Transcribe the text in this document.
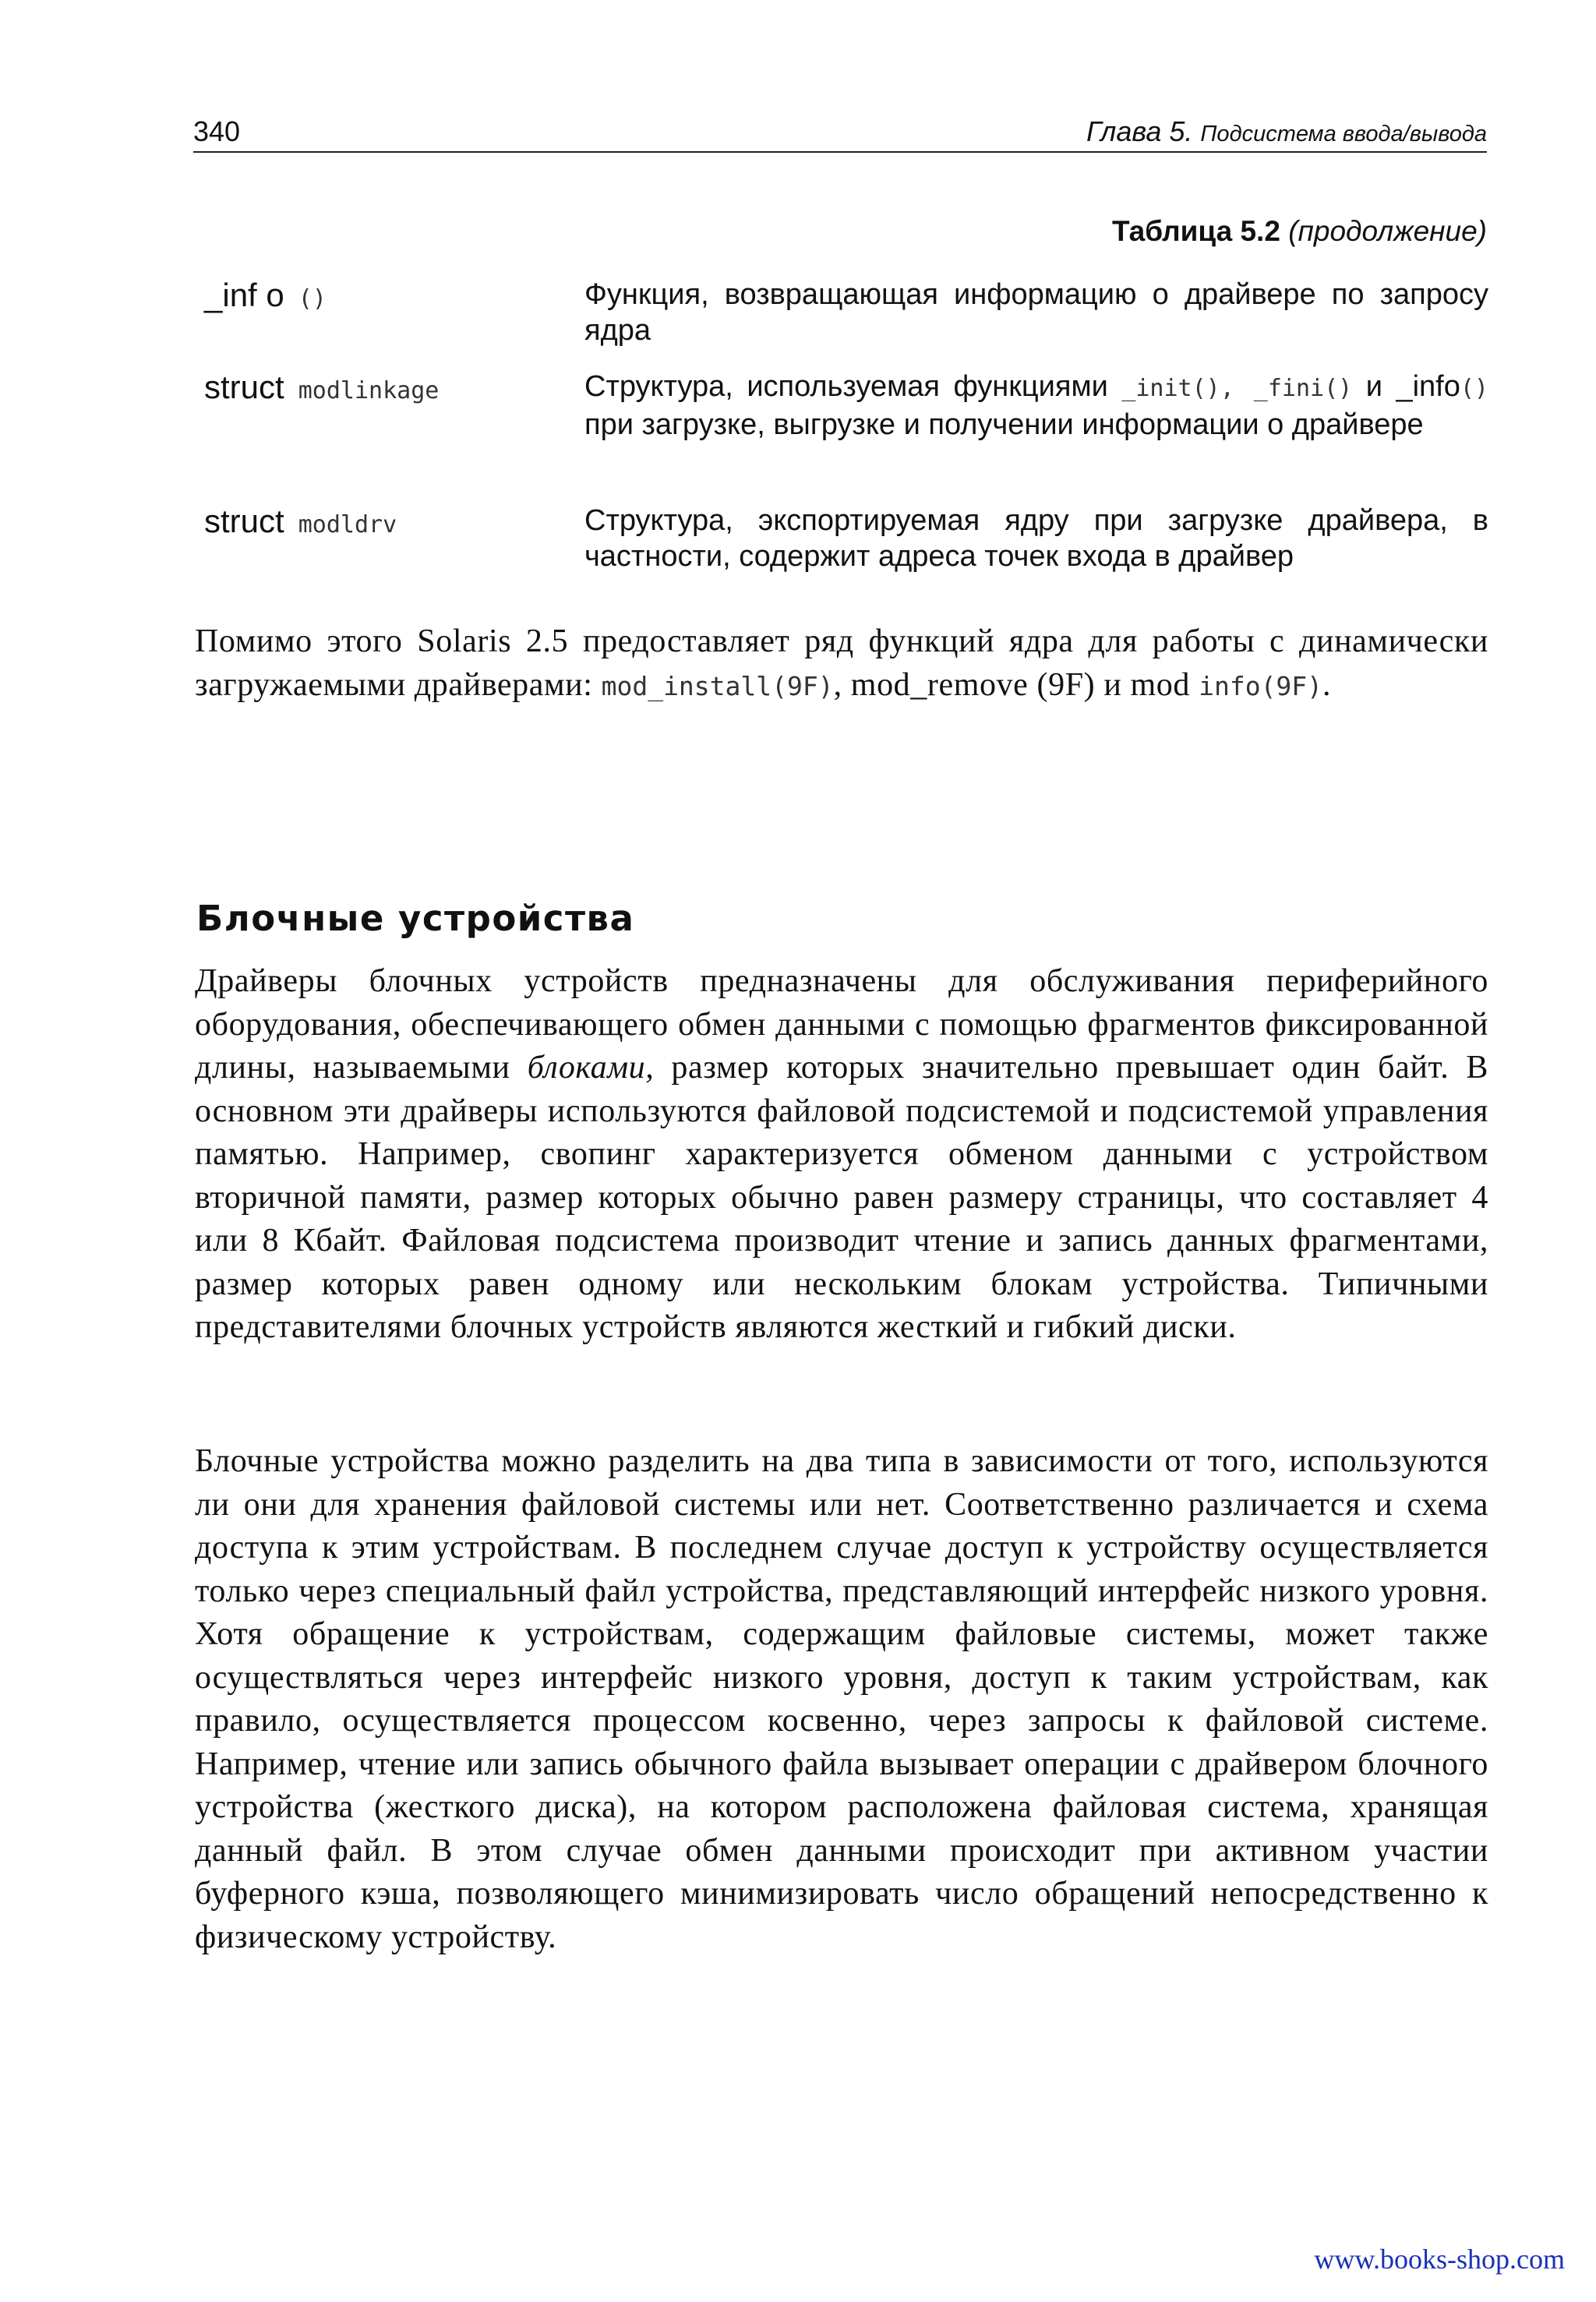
340	Глава 5. Подсистема ввода/вывода
Таблица 5.2 (продолжение)
_inf о ()	Функция, возвращающая информацию о драйвере по запросу ядра
struct modlinkage	Структура, используемая функциями _init(), _fini() и _infо() при загрузке, выгрузке и получении информации о драйвере
struct modldrv	Структура, экспортируемая ядру при загрузке драйвера, в частности, содержит адреса точек входа в драйвер
Помимо этого Solaris 2.5 предоставляет ряд функций ядра для работы с динамически загружаемыми драйверами: mod_install(9F), mod_remove (9F) и mod info(9F).
Блочные устройства
Драйверы блочных устройств предназначены для обслуживания периферийного оборудования, обеспечивающего обмен данными с помощью фрагментов фиксированной длины, называемыми блоками, размер которых значительно превышает один байт. В основном эти драйверы используются файловой подсистемой и подсистемой управления памятью. Например, свопинг характеризуется обменом данными с устройством вторичной памяти, размер которых обычно равен размеру страницы, что составляет 4 или 8 Кбайт. Файловая подсистема производит чтение и запись данных фрагментами, размер которых равен одному или нескольким блокам устройства. Типичными представителями блочных устройств являются жесткий и гибкий диски.
Блочные устройства можно разделить на два типа в зависимости от того, используются ли они для хранения файловой системы или нет. Соответственно различается и схема доступа к этим устройствам. В последнем случае доступ к устройству осуществляется только через специальный файл устройства, представляющий интерфейс низкого уровня. Хотя обращение к устройствам, содержащим файловые системы, может также осуществляться через интерфейс низкого уровня, доступ к таким устройствам, как правило, осуществляется процессом косвенно, через запросы к файловой системе. Например, чтение или запись обычного файла вызывает операции с драйвером блочного устройства (жесткого диска), на котором расположена файловая система, хранящая данный файл. В этом случае обмен данными происходит при активном участии буферного кэша, позволяющего минимизировать число обращений непосредственно к физическому устройству.
www.books-shop.com
